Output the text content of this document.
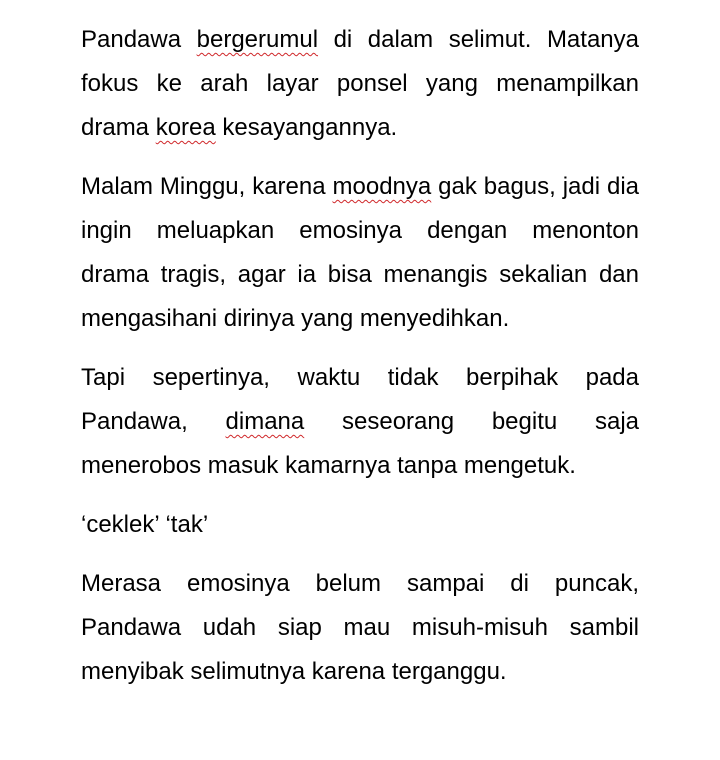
Pandawa bergerumul di dalam selimut. Matanya fokus ke arah layar ponsel yang menampilkan drama korea kesayangannya.

Malam Minggu, karena moodnya gak bagus, jadi dia ingin meluapkan emosinya dengan menonton drama tragis, agar ia bisa menangis sekalian dan mengasihani dirinya yang menyedihkan.

Tapi sepertinya, waktu tidak berpihak pada Pandawa, dimana seseorang begitu saja menerobos masuk kamarnya tanpa mengetuk.

‘ceklek’ ‘tak’

Merasa emosinya belum sampai di puncak, Pandawa udah siap mau misuh-misuh sambil menyibak selimutnya karena terganggu.
